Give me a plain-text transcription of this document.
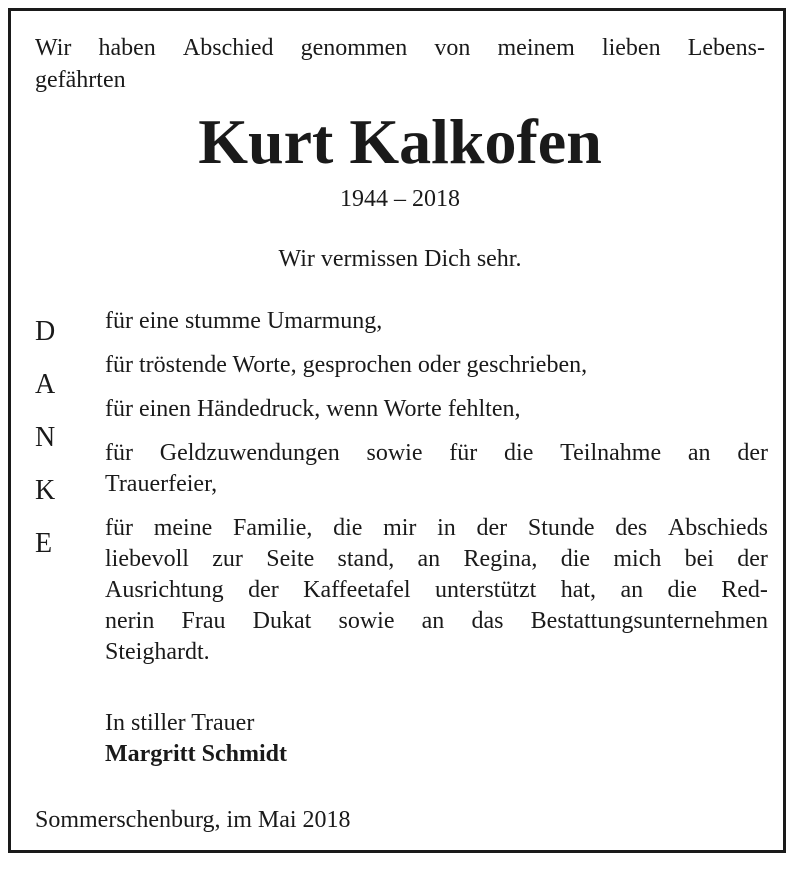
Wir haben Abschied genommen von meinem lieben Lebens-
gefährten
Kurt Kalkofen
1944 – 2018
Wir vermissen Dich sehr.
D
A
N
K
E
für eine stumme Umarmung,
für tröstende Worte, gesprochen oder geschrieben,
für einen Händedruck, wenn Worte fehlten,
für Geldzuwendungen sowie für die Teilnahme an der
Trauerfeier,
für meine Familie, die mir in der Stunde des Abschieds
liebevoll zur Seite stand, an Regina, die mich bei der
Ausrichtung der Kaffeetafel unterstützt hat, an die Red-
nerin Frau Dukat sowie an das Bestattungsunternehmen
Steighardt.
In stiller Trauer
Margritt Schmidt
Sommerschenburg, im Mai 2018
